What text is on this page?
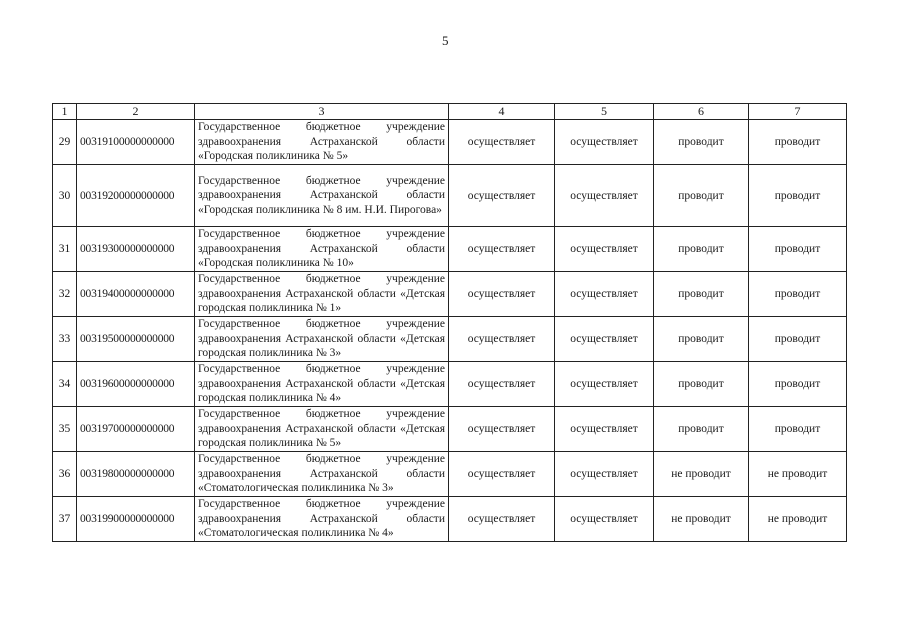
5
1	2	3	4	5	6	7
29	00319100000000000	Государственное бюджетное учреждение здравоохранения Астраханской области «Городская поликлиника № 5»	осуществляет	осуществляет	проводит	проводит
30	00319200000000000	Государственное бюджетное учреждение здравоохранения Астраханской области «Городская поликлиника № 8 им. Н.И. Пирогова»	осуществляет	осуществляет	проводит	проводит
31	00319300000000000	Государственное бюджетное учреждение здравоохранения Астраханской области «Городская поликлиника № 10»	осуществляет	осуществляет	проводит	проводит
32	00319400000000000	Государственное бюджетное учреждение здравоохранения Астраханской области «Детская городская поликлиника № 1»	осуществляет	осуществляет	проводит	проводит
33	00319500000000000	Государственное бюджетное учреждение здравоохранения Астраханской области «Детская городская поликлиника № 3»	осуществляет	осуществляет	проводит	проводит
34	00319600000000000	Государственное бюджетное учреждение здравоохранения Астраханской области «Детская городская поликлиника № 4»	осуществляет	осуществляет	проводит	проводит
35	00319700000000000	Государственное бюджетное учреждение здравоохранения Астраханской области «Детская городская поликлиника № 5»	осуществляет	осуществляет	проводит	проводит
36	00319800000000000	Государственное бюджетное учреждение здравоохранения Астраханской области «Стоматологическая поликлиника № 3»	осуществляет	осуществляет	не проводит	не проводит
37	00319900000000000	Государственное бюджетное учреждение здравоохранения Астраханской области «Стоматологическая поликлиника № 4»	осуществляет	осуществляет	не проводит	не проводит
